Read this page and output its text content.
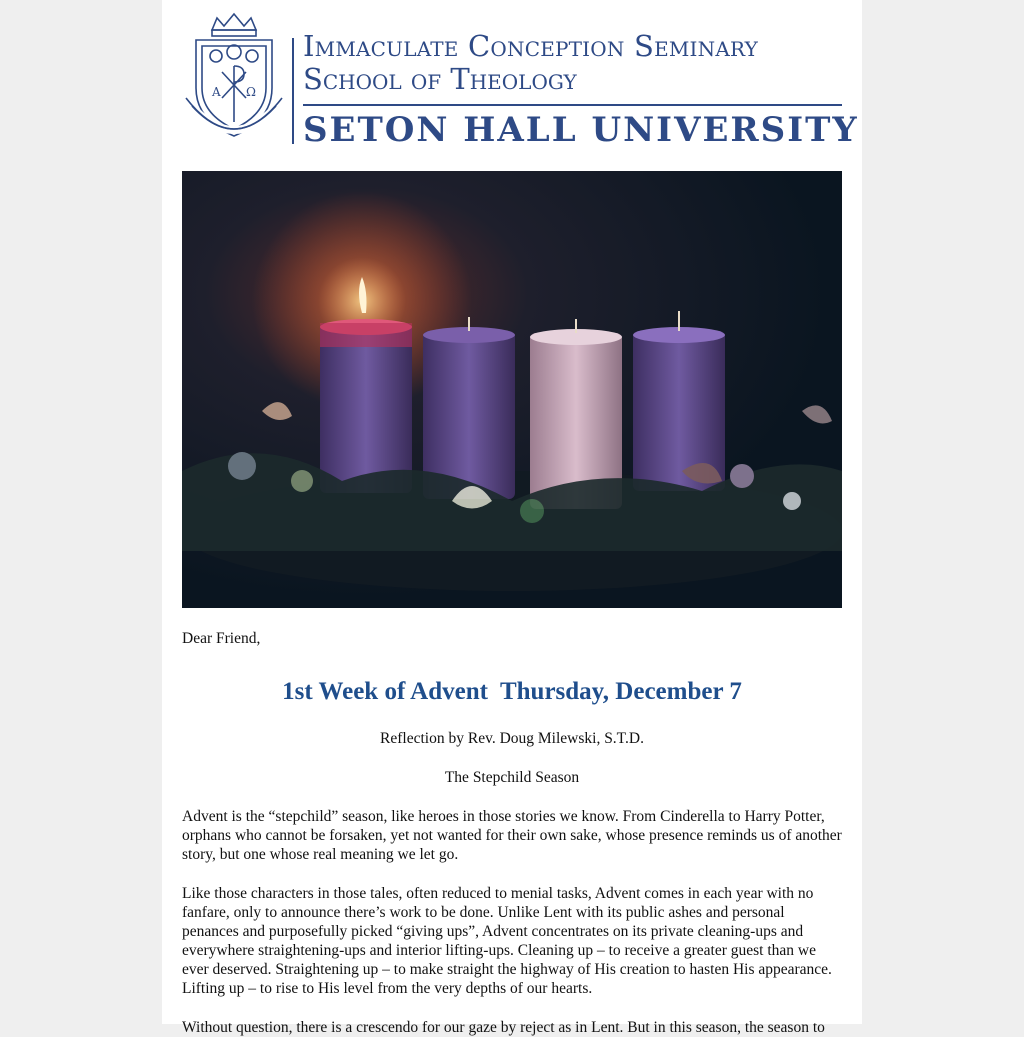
A Ω
Immaculate Conception Seminary
School of Theology
SETON HALL UNIVERSITY
Dear Friend,
1st Week of Advent  Thursday, December 7
Reflection by Rev. Doug Milewski, S.T.D.
The Stepchild Season
Advent is the “stepchild” season, like heroes in those stories we know. From Cinderella to Harry Potter, orphans who cannot be forsaken, yet not wanted for their own sake, whose presence reminds us of another story, but one whose real meaning we let go.
Like those characters in those tales, often reduced to menial tasks, Advent comes in each year with no fanfare, only to announce there’s work to be done. Unlike Lent with its public ashes and personal penances and purposefully picked “giving ups”, Advent concentrates on its private cleaning-ups and everywhere straightening-ups and interior lifting-ups. Cleaning up – to receive a greater guest than we ever deserved. Straightening up – to make straight the highway of His creation to hasten His appearance. Lifting up – to rise to His level from the very depths of our hearts.
Without question, there is a crescendo for our gaze by reject as in Lent. But in this season, the season to
